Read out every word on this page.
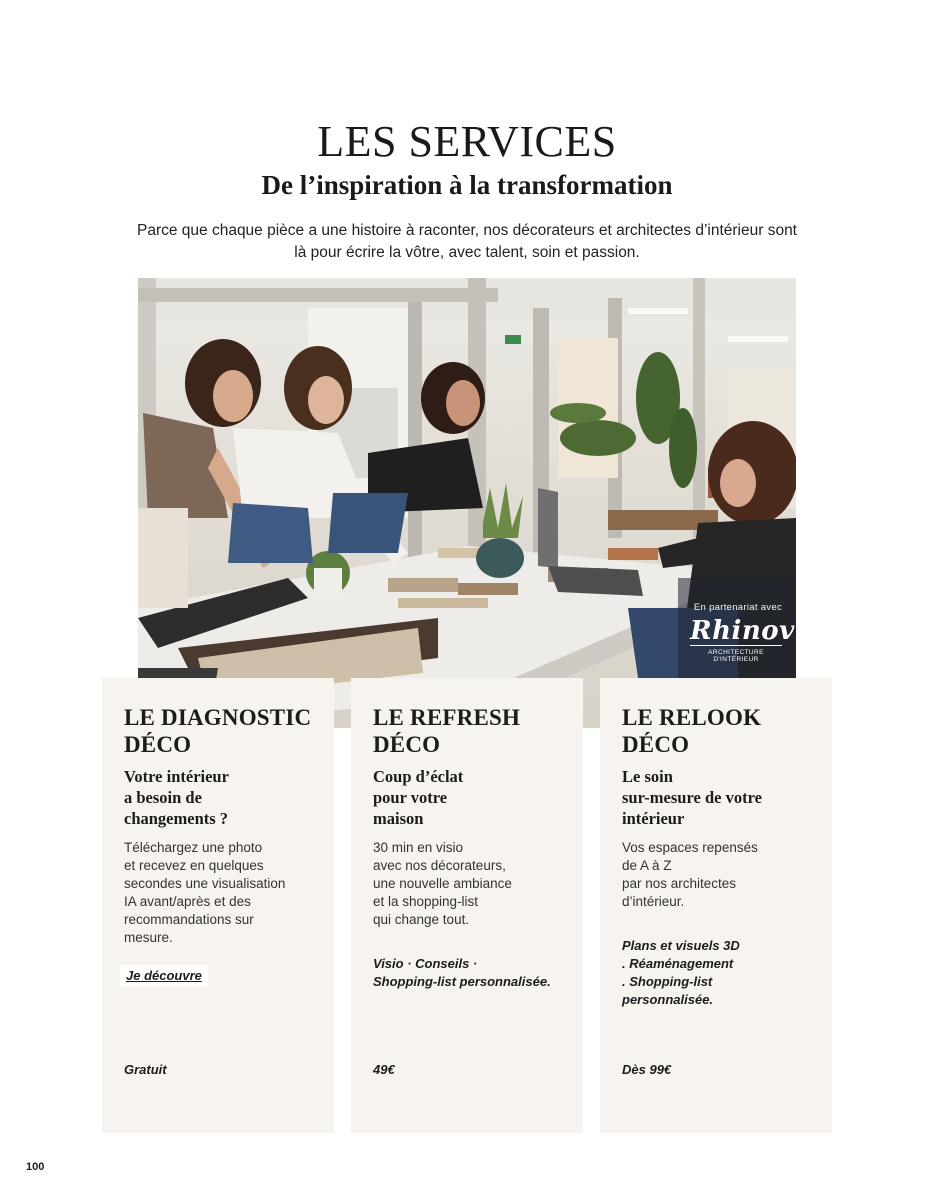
LES SERVICES
De l’inspiration à la transformation
Parce que chaque pièce a une histoire à raconter, nos décorateurs et architectes d’intérieur sont
là pour écrire la vôtre, avec talent, soin et passion.
En partenariat avec
Rhinov
ARCHITECTURE D'INTÉRIEUR
LE DIAGNOSTIC
DÉCO
Votre intérieur
a besoin de
changements ?
Téléchargez une photo
et recevez en quelques
secondes une visualisation
IA avant/après et des
recommandations sur
mesure.
Je découvre
Gratuit
LE REFRESH
DÉCO
Coup d’éclat
pour votre
maison
30 min en visio
avec nos décorateurs,
une nouvelle ambiance
et la shopping-list
qui change tout.
Visio · Conseils ·
Shopping-list personnalisée.
49€
LE RELOOK
DÉCO
Le soin
sur-mesure de votre
intérieur
Vos espaces repensés
de A à Z
par nos architectes
d’intérieur.
Plans et visuels 3D
. Réaménagement
. Shopping-list
personnalisée.
Dès 99€
100
